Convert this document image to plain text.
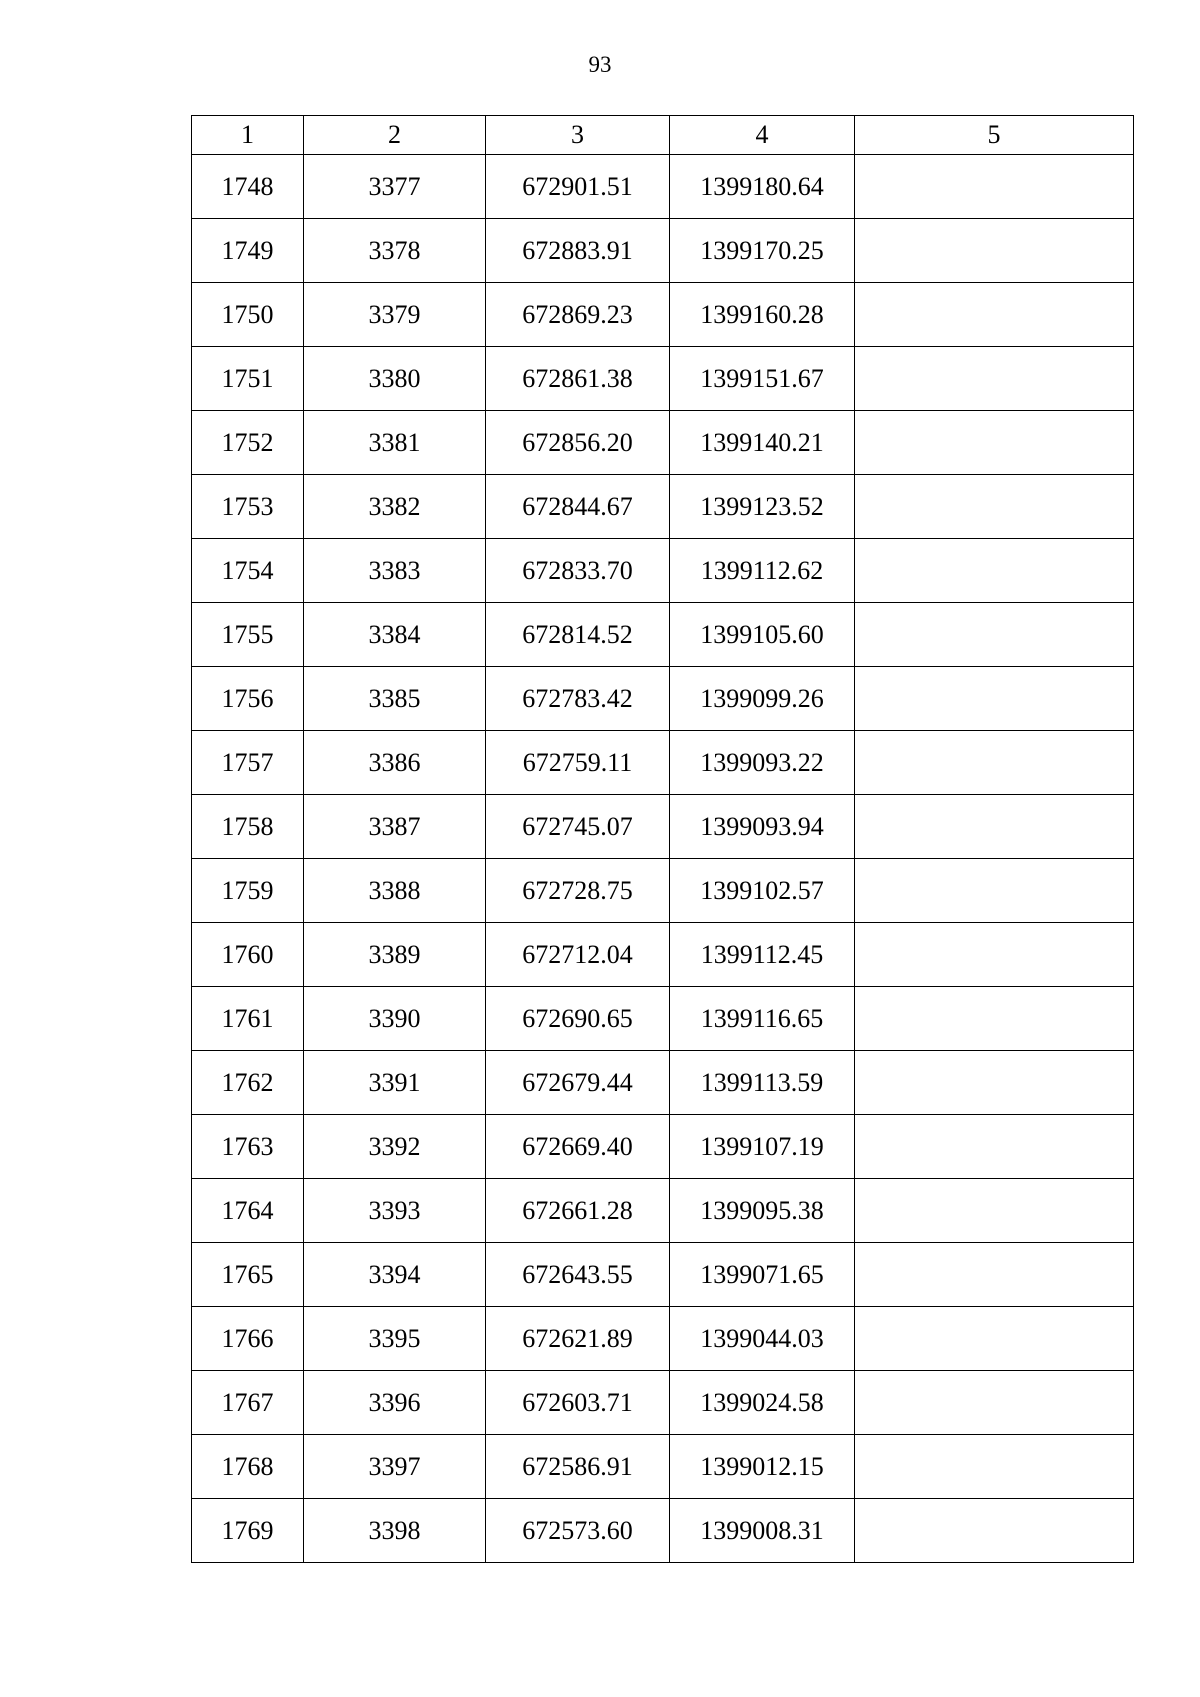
93
1	2	3	4	5
1748	3377	672901.51	1399180.64	
1749	3378	672883.91	1399170.25	
1750	3379	672869.23	1399160.28	
1751	3380	672861.38	1399151.67	
1752	3381	672856.20	1399140.21	
1753	3382	672844.67	1399123.52	
1754	3383	672833.70	1399112.62	
1755	3384	672814.52	1399105.60	
1756	3385	672783.42	1399099.26	
1757	3386	672759.11	1399093.22	
1758	3387	672745.07	1399093.94	
1759	3388	672728.75	1399102.57	
1760	3389	672712.04	1399112.45	
1761	3390	672690.65	1399116.65	
1762	3391	672679.44	1399113.59	
1763	3392	672669.40	1399107.19	
1764	3393	672661.28	1399095.38	
1765	3394	672643.55	1399071.65	
1766	3395	672621.89	1399044.03	
1767	3396	672603.71	1399024.58	
1768	3397	672586.91	1399012.15	
1769	3398	672573.60	1399008.31	
